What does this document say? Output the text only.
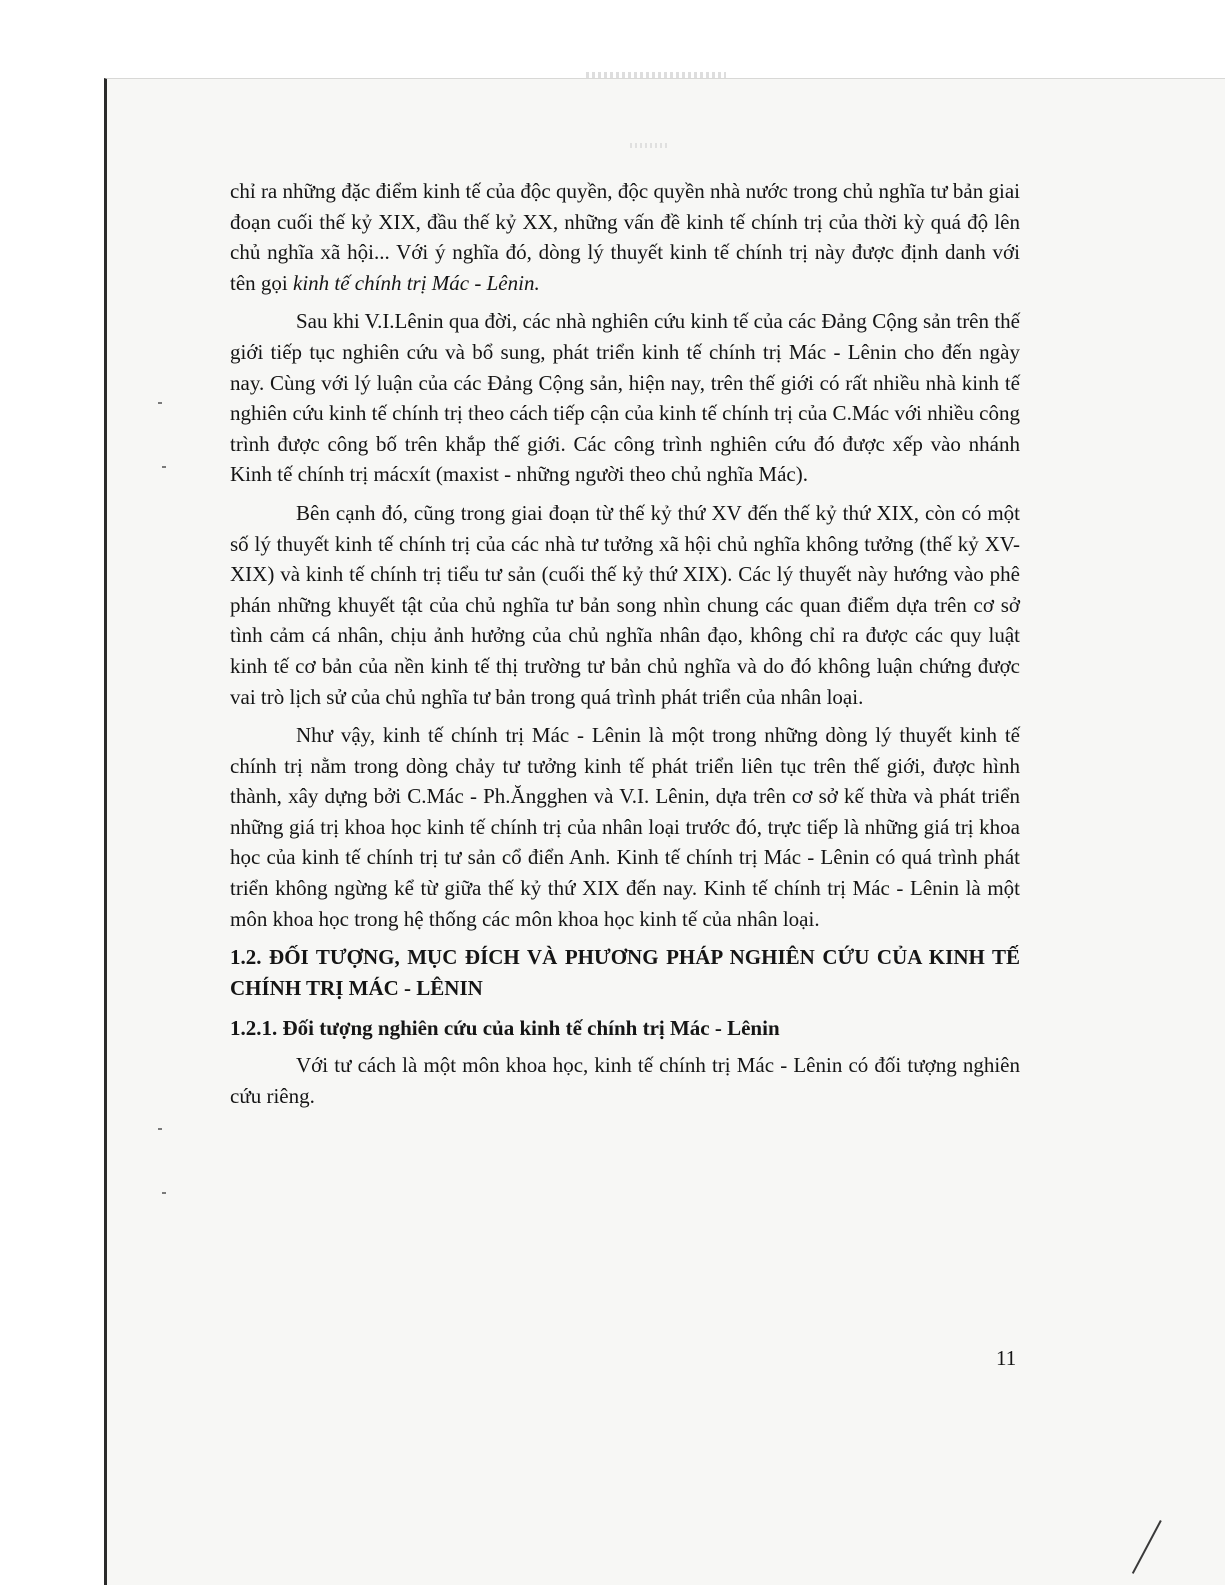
chỉ ra những đặc điểm kinh tế của độc quyền, độc quyền nhà nước trong chủ nghĩa tư bản giai đoạn cuối thế kỷ XIX, đầu thế kỷ XX, những vấn đề kinh tế chính trị của thời kỳ quá độ lên chủ nghĩa xã hội... Với ý nghĩa đó, dòng lý thuyết kinh tế chính trị này được định danh với tên gọi kinh tế chính trị Mác - Lênin.

Sau khi V.I.Lênin qua đời, các nhà nghiên cứu kinh tế của các Đảng Cộng sản trên thế giới tiếp tục nghiên cứu và bổ sung, phát triển kinh tế chính trị Mác - Lênin cho đến ngày nay. Cùng với lý luận của các Đảng Cộng sản, hiện nay, trên thế giới có rất nhiều nhà kinh tế nghiên cứu kinh tế chính trị theo cách tiếp cận của kinh tế chính trị của C.Mác với nhiều công trình được công bố trên khắp thế giới. Các công trình nghiên cứu đó được xếp vào nhánh Kinh tế chính trị mácxít (maxist - những người theo chủ nghĩa Mác).

Bên cạnh đó, cũng trong giai đoạn từ thế kỷ thứ XV đến thế kỷ thứ XIX, còn có một số lý thuyết kinh tế chính trị của các nhà tư tưởng xã hội chủ nghĩa không tưởng (thế kỷ XV-XIX) và kinh tế chính trị tiểu tư sản (cuối thế kỷ thứ XIX). Các lý thuyết này hướng vào phê phán những khuyết tật của chủ nghĩa tư bản song nhìn chung các quan điểm dựa trên cơ sở tình cảm cá nhân, chịu ảnh hưởng của chủ nghĩa nhân đạo, không chỉ ra được các quy luật kinh tế cơ bản của nền kinh tế thị trường tư bản chủ nghĩa và do đó không luận chứng được vai trò lịch sử của chủ nghĩa tư bản trong quá trình phát triển của nhân loại.

Như vậy, kinh tế chính trị Mác - Lênin là một trong những dòng lý thuyết kinh tế chính trị nằm trong dòng chảy tư tưởng kinh tế phát triển liên tục trên thế giới, được hình thành, xây dựng bởi C.Mác - Ph.Ăngghen và V.I. Lênin, dựa trên cơ sở kế thừa và phát triển những giá trị khoa học kinh tế chính trị của nhân loại trước đó, trực tiếp là những giá trị khoa học của kinh tế chính trị tư sản cổ điển Anh. Kinh tế chính trị Mác - Lênin có quá trình phát triển không ngừng kể từ giữa thế kỷ thứ XIX đến nay. Kinh tế chính trị Mác - Lênin là một môn khoa học trong hệ thống các môn khoa học kinh tế của nhân loại.

1.2. ĐỐI TƯỢNG, MỤC ĐÍCH VÀ PHƯƠNG PHÁP NGHIÊN CỨU CỦA KINH TẾ CHÍNH TRỊ MÁC - LÊNIN

1.2.1. Đối tượng nghiên cứu của kinh tế chính trị Mác - Lênin

Với tư cách là một môn khoa học, kinh tế chính trị Mác - Lênin có đối tượng nghiên cứu riêng.

11
